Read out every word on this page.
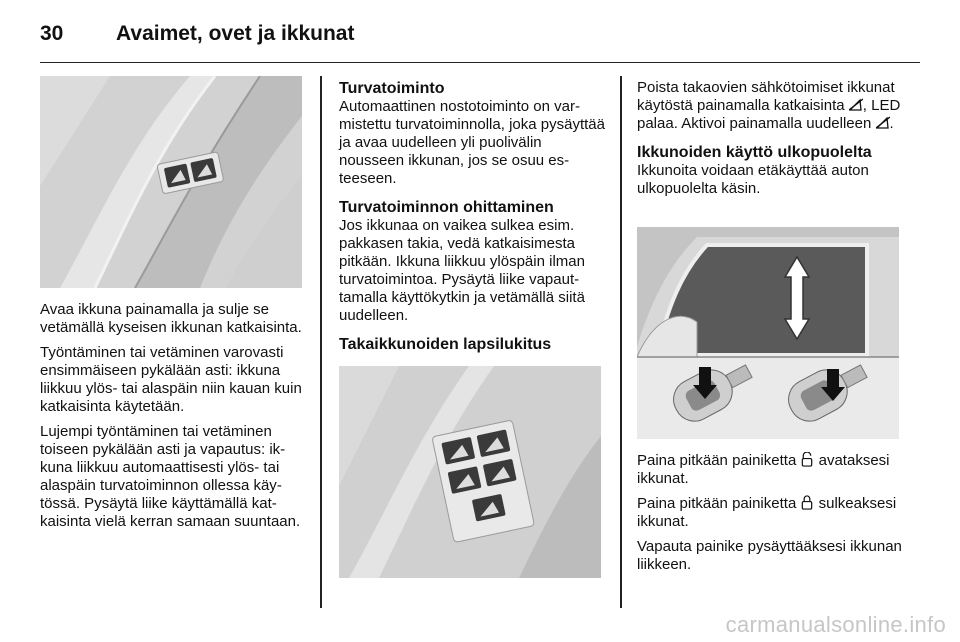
30	Avaimet, ovet ja ikkunat

Avaa ikkuna painamalla ja sulje se vetämällä kyseisen ikkunan katkaisinta.

Työntäminen tai vetäminen varovasti ensimmäiseen pykälään asti: ikkuna liikkuu ylös- tai alaspäin niin kauan kuin katkaisinta käytetään.

Lujempi työntäminen tai vetäminen toiseen pykälään asti ja vapautus: ikkuna liikkuu automaattisesti ylös- tai alaspäin turvatoiminnon ollessa käytössä. Pysäytä liike käyttämällä katkaisinta vielä kerran samaan suuntaan.

Turvatoiminto

Automaattinen nostotoiminto on varmistettu turvatoiminnolla, joka pysäyttää ja avaa uudelleen yli puolivälin nousseen ikkunan, jos se osuu esteeseen.

Turvatoiminnon ohittaminen

Jos ikkunaa on vaikea sulkea esim. pakkasen takia, vedä katkaisimesta pitkään. Ikkuna liikkuu ylöspäin ilman turvatoimintoa. Pysäytä liike vapauttamalla käyttökytkin ja vetämällä siitä uudelleen.

Takaikkunoiden lapsilukitus

Poista takaovien sähkötoimiset ikkunat käytöstä painamalla katkaisinta , LED palaa. Aktivoi painamalla uudelleen .

Ikkunoiden käyttö ulkopuolelta

Ikkunoita voidaan etäkäyttää auton ulkopuolelta käsin.

Paina pitkään painiketta  avataksesi ikkunat.

Paina pitkään painiketta  sulkeaksesi ikkunat.

Vapauta painike pysäyttääksesi ikkunan liikkeen.

carmanualsonline.info
